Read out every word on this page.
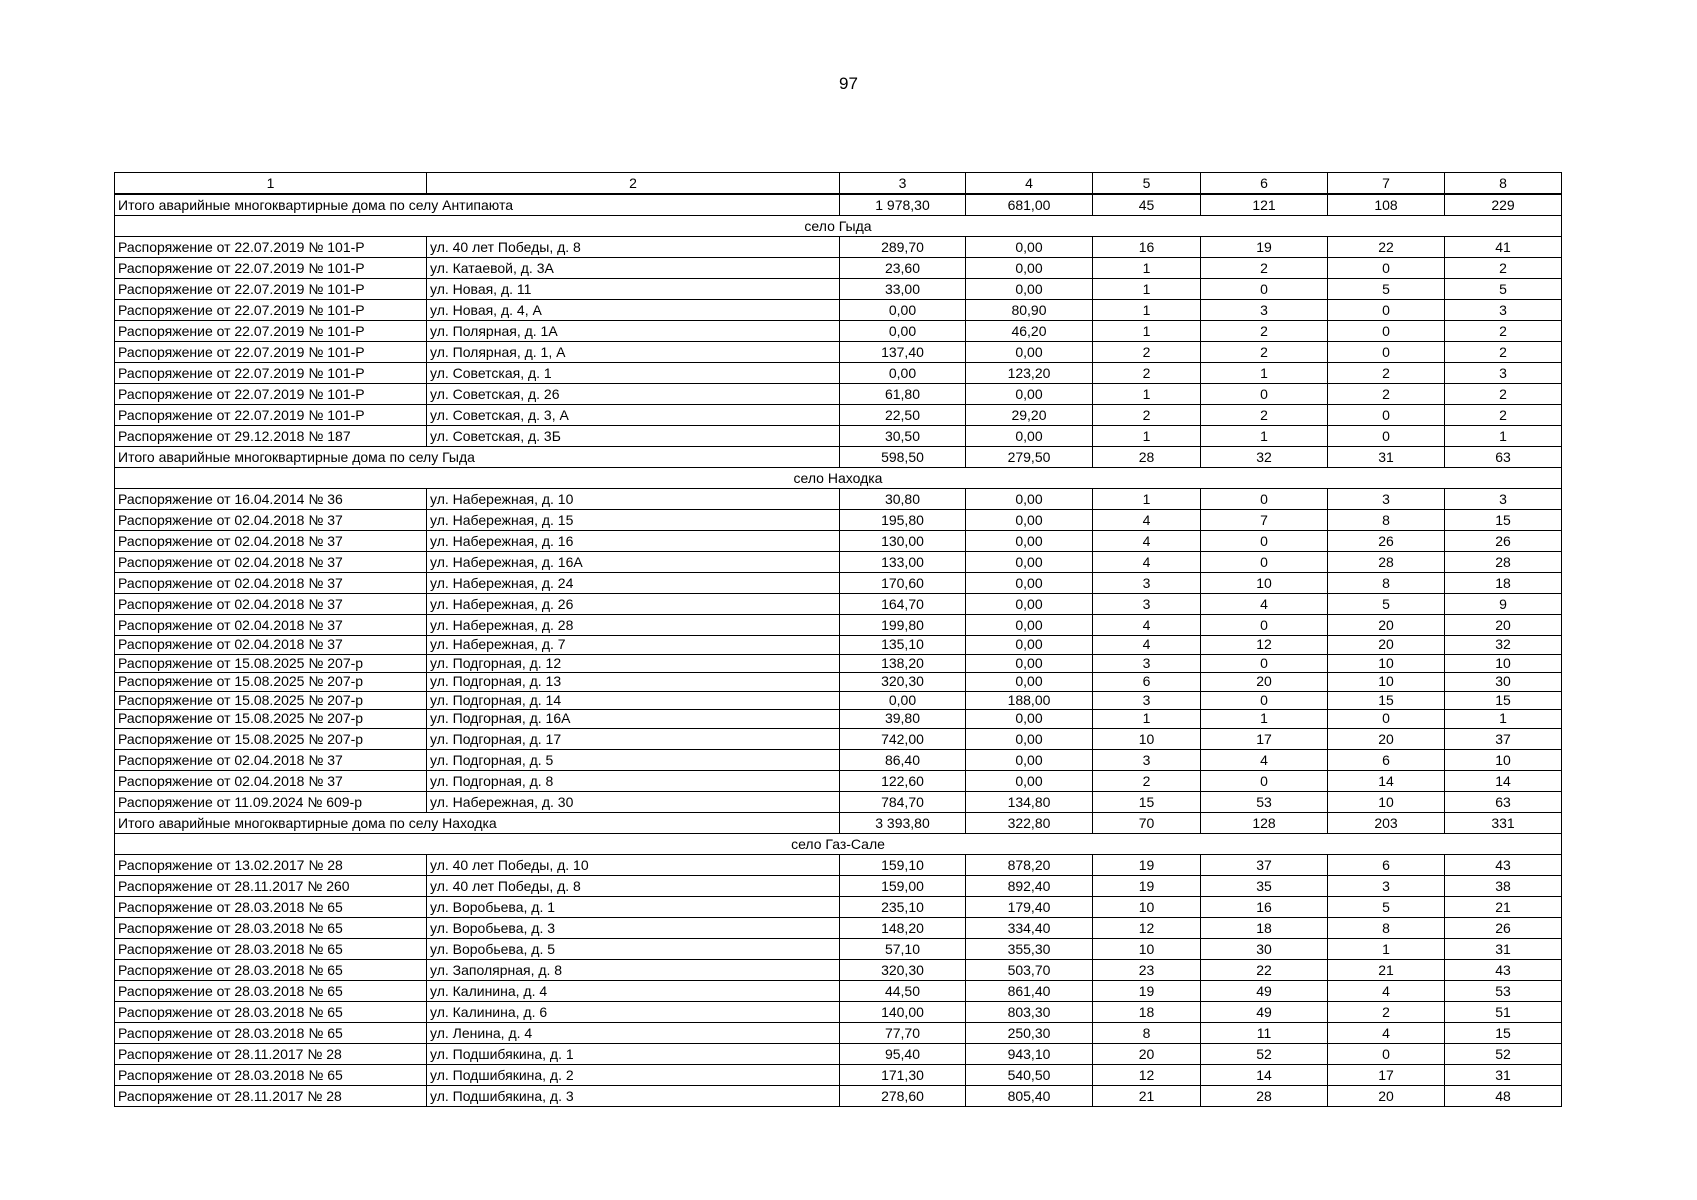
97
1	2	3	4	5	6	7	8
Итого аварийные многоквартирные дома по селу Антипаюта		1 978,30	681,00	45	121	108	229
село Гыда							
Распоряжение от 22.07.2019 № 101-Р	ул. 40 лет Победы, д. 8	289,70	0,00	16	19	22	41
Распоряжение от 22.07.2019 № 101-Р	ул. Катаевой, д. 3А	23,60	0,00	1	2	0	2
Распоряжение от 22.07.2019 № 101-Р	ул. Новая, д. 11	33,00	0,00	1	0	5	5
Распоряжение от 22.07.2019 № 101-Р	ул. Новая, д. 4, А	0,00	80,90	1	3	0	3
Распоряжение от 22.07.2019 № 101-Р	ул. Полярная, д. 1А	0,00	46,20	1	2	0	2
Распоряжение от 22.07.2019 № 101-Р	ул. Полярная, д. 1, А	137,40	0,00	2	2	0	2
Распоряжение от 22.07.2019 № 101-Р	ул. Советская, д. 1	0,00	123,20	2	1	2	3
Распоряжение от 22.07.2019 № 101-Р	ул. Советская, д. 26	61,80	0,00	1	0	2	2
Распоряжение от 22.07.2019 № 101-Р	ул. Советская, д. 3, А	22,50	29,20	2	2	0	2
Распоряжение от 29.12.2018 № 187	ул. Советская, д. 3Б	30,50	0,00	1	1	0	1
Итого аварийные многоквартирные дома по селу Гыда		598,50	279,50	28	32	31	63
село Находка							
Распоряжение от 16.04.2014 № 36	ул. Набережная, д. 10	30,80	0,00	1	0	3	3
Распоряжение от 02.04.2018 № 37	ул. Набережная, д. 15	195,80	0,00	4	7	8	15
Распоряжение от 02.04.2018 № 37	ул. Набережная, д. 16	130,00	0,00	4	0	26	26
Распоряжение от 02.04.2018 № 37	ул. Набережная, д. 16А	133,00	0,00	4	0	28	28
Распоряжение от 02.04.2018 № 37	ул. Набережная, д. 24	170,60	0,00	3	10	8	18
Распоряжение от 02.04.2018 № 37	ул. Набережная, д. 26	164,70	0,00	3	4	5	9
Распоряжение от 02.04.2018 № 37	ул. Набережная, д. 28	199,80	0,00	4	0	20	20
Распоряжение от 02.04.2018 № 37	ул. Набережная, д. 7	135,10	0,00	4	12	20	32
Распоряжение от 15.08.2025 № 207-р	ул. Подгорная, д. 12	138,20	0,00	3	0	10	10
Распоряжение от 15.08.2025 № 207-р	ул. Подгорная, д. 13	320,30	0,00	6	20	10	30
Распоряжение от 15.08.2025 № 207-р	ул. Подгорная, д. 14	0,00	188,00	3	0	15	15
Распоряжение от 15.08.2025 № 207-р	ул. Подгорная, д. 16А	39,80	0,00	1	1	0	1
Распоряжение от 15.08.2025 № 207-р	ул. Подгорная, д. 17	742,00	0,00	10	17	20	37
Распоряжение от 02.04.2018 № 37	ул. Подгорная, д. 5	86,40	0,00	3	4	6	10
Распоряжение от 02.04.2018 № 37	ул. Подгорная, д. 8	122,60	0,00	2	0	14	14
Распоряжение от 11.09.2024 № 609-р	ул. Набережная, д. 30	784,70	134,80	15	53	10	63
Итого аварийные многоквартирные дома по селу Находка		3 393,80	322,80	70	128	203	331
село Газ-Сале							
Распоряжение от 13.02.2017 № 28	ул. 40 лет Победы, д. 10	159,10	878,20	19	37	6	43
Распоряжение от 28.11.2017 № 260	ул. 40 лет Победы, д. 8	159,00	892,40	19	35	3	38
Распоряжение от 28.03.2018 № 65	ул. Воробьева, д. 1	235,10	179,40	10	16	5	21
Распоряжение от 28.03.2018 № 65	ул. Воробьева, д. 3	148,20	334,40	12	18	8	26
Распоряжение от 28.03.2018 № 65	ул. Воробьева, д. 5	57,10	355,30	10	30	1	31
Распоряжение от 28.03.2018 № 65	ул. Заполярная, д. 8	320,30	503,70	23	22	21	43
Распоряжение от 28.03.2018 № 65	ул. Калинина, д. 4	44,50	861,40	19	49	4	53
Распоряжение от 28.03.2018 № 65	ул. Калинина, д. 6	140,00	803,30	18	49	2	51
Распоряжение от 28.03.2018 № 65	ул. Ленина, д. 4	77,70	250,30	8	11	4	15
Распоряжение от 28.11.2017 № 28	ул. Подшибякина, д. 1	95,40	943,10	20	52	0	52
Распоряжение от 28.03.2018 № 65	ул. Подшибякина, д. 2	171,30	540,50	12	14	17	31
Распоряжение от 28.11.2017 № 28	ул. Подшибякина, д. 3	278,60	805,40	21	28	20	48
